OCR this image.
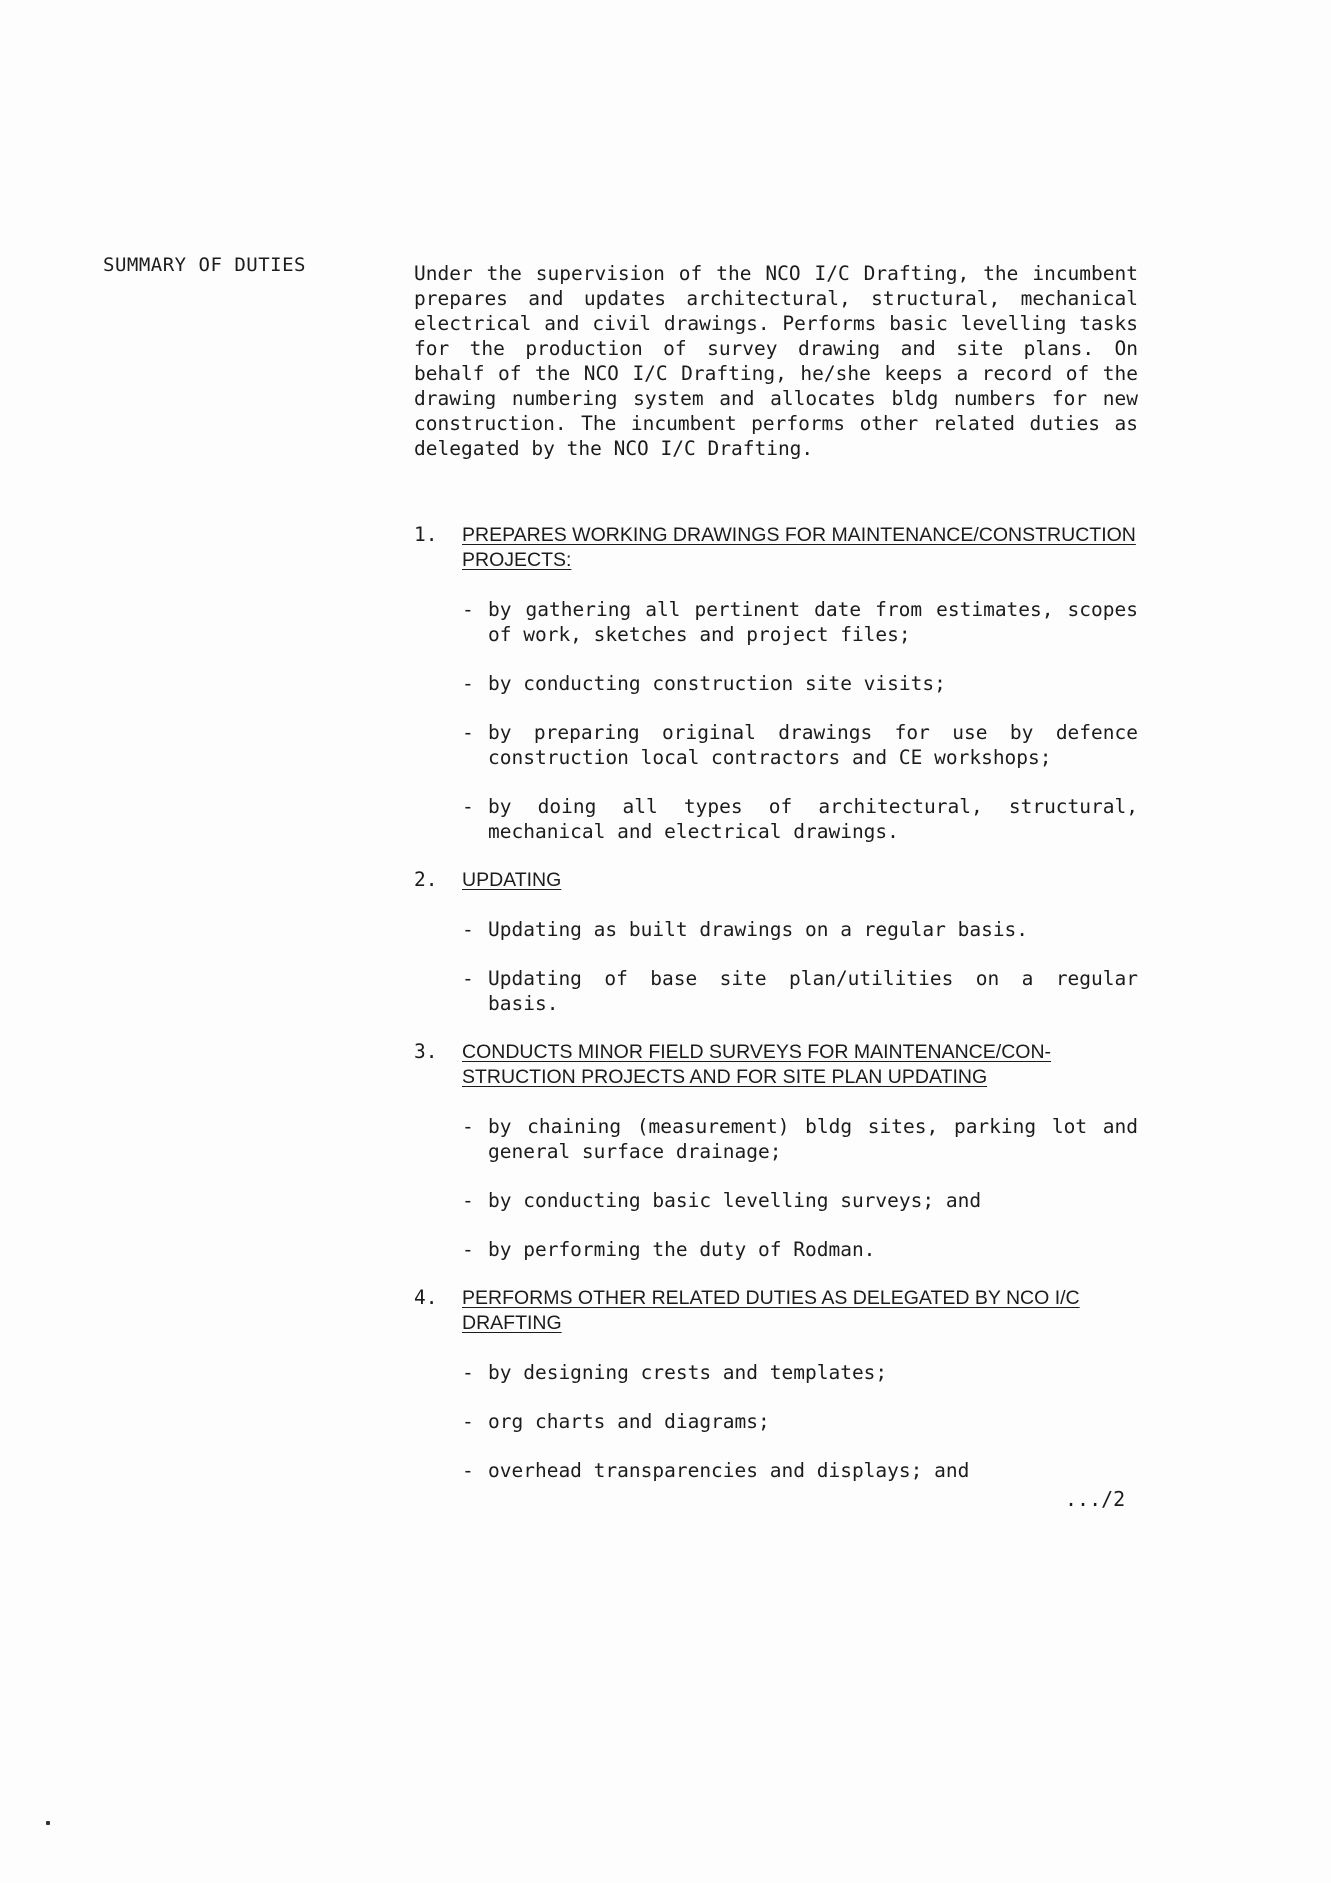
SUMMARY OF DUTIES	Under the supervision of the NCO I/C Drafting, the incumbent prepares and updates architectural, structural, mechanical electrical and civil drawings. Performs basic levelling tasks for the production of survey drawing and site plans. On behalf of the NCO I/C Drafting, he/she keeps a record of the drawing numbering system and allocates bldg numbers for new construction. The incumbent performs other related duties as delegated by the NCO I/C Drafting.

1.	PREPARES WORKING DRAWINGS FOR MAINTENANCE/CONSTRUCTION PROJECTS:
- by gathering all pertinent date from estimates, scopes of work, sketches and project files;
- by conducting construction site visits;
- by preparing original drawings for use by defence construction local contractors and CE workshops;
- by doing all types of architectural, structural, mechanical and electrical drawings.
2.	UPDATING
- Updating as built drawings on a regular basis.
- Updating of base site plan/utilities on a regular basis.
3.	CONDUCTS MINOR FIELD SURVEYS FOR MAINTENANCE/CON-STRUCTION PROJECTS AND FOR SITE PLAN UPDATING
- by chaining (measurement) bldg sites, parking lot and general surface drainage;
- by conducting basic levelling surveys; and
- by performing the duty of Rodman.
4.	PERFORMS OTHER RELATED DUTIES AS DELEGATED BY NCO I/C DRAFTING
- by designing crests and templates;
- org charts and diagrams;
- overhead transparencies and displays; and
.../2
